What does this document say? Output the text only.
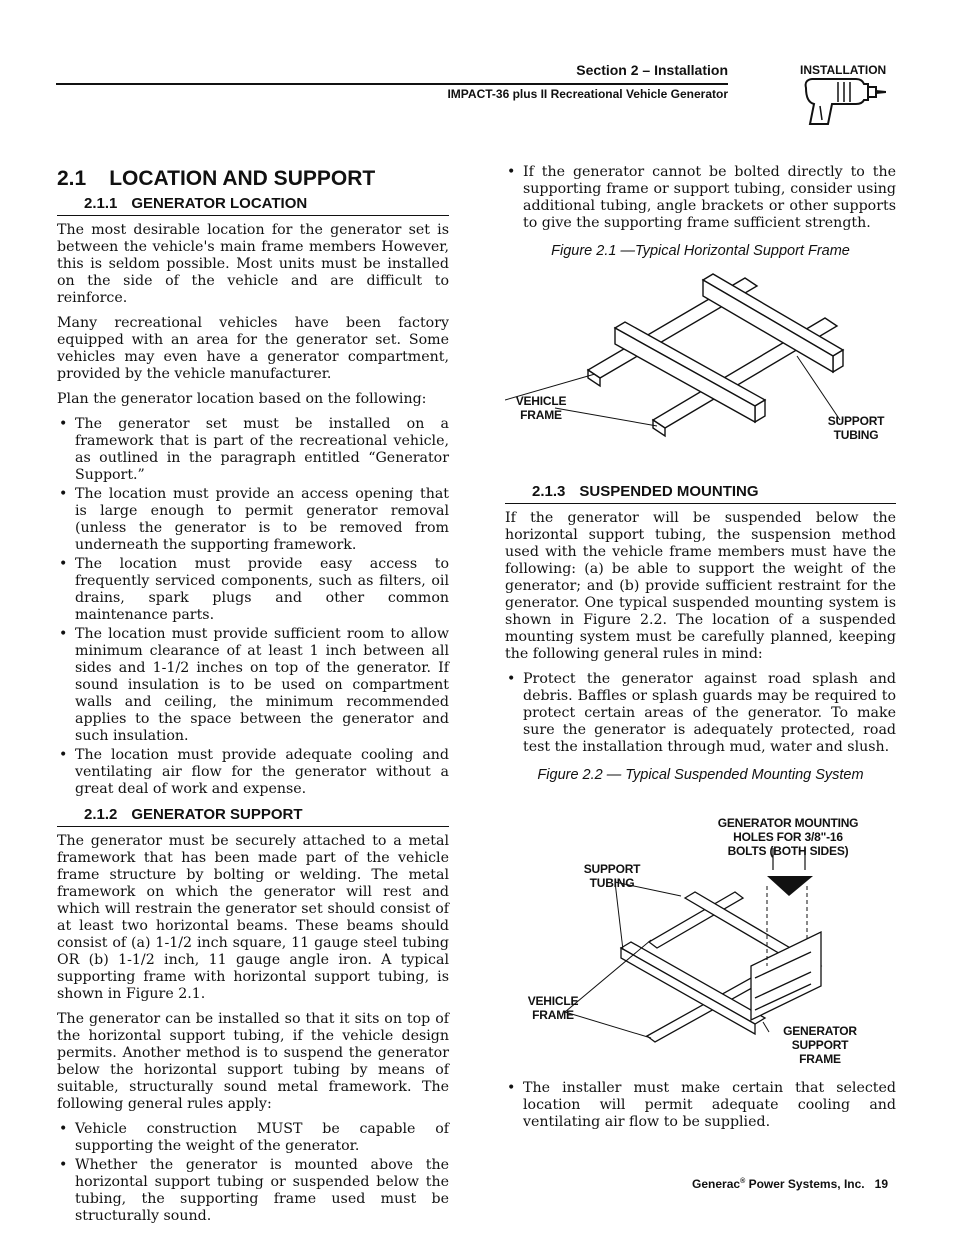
Section 2 – Installation
IMPACT-36 plus II Recreational Vehicle Generator
INSTALLATION
2.1 LOCATION AND SUPPORT
2.1.1 GENERATOR LOCATION

The most desirable location for the generator set is between the vehicle's main frame members However, this is seldom possible. Most units must be installed on the side of the vehicle and are difficult to reinforce.

Many recreational vehicles have been factory equipped with an area for the generator set. Some vehicles may even have a generator compartment, provided by the vehicle manufacturer.

Plan the generator location based on the following:

• The generator set must be installed on a framework that is part of the recreational vehicle, as outlined in the paragraph entitled “Generator Support.”
• The location must provide an access opening that is large enough to permit generator removal (unless the generator is to be removed from underneath the supporting framework.
• The location must provide easy access to frequently serviced components, such as filters, oil drains, spark plugs and other common maintenance parts.
• The location must provide sufficient room to allow minimum clearance of at least 1 inch between all sides and 1-1/2 inches on top of the generator. If sound insulation is to be used on compartment walls and ceiling, the minimum recommended applies to the space between the generator and such insulation.
• The location must provide adequate cooling and ventilating air flow for the generator without a great deal of work and expense.
2.1.2 GENERATOR SUPPORT

The generator must be securely attached to a metal framework that has been made part of the vehicle frame structure by bolting or welding. The metal framework on which the generator will rest and which will restrain the generator set should consist of at least two horizontal beams. These beams should consist of (a) 1-1/2 inch square, 11 gauge steel tubing OR (b) 1-1/2 inch, 11 gauge angle iron. A typical supporting frame with horizontal support tubing, is shown in Figure 2.1.

The generator can be installed so that it sits on top of the horizontal support tubing, if the vehicle design permits. Another method is to suspend the generator below the horizontal support tubing by means of suitable, structurally sound metal framework. The following general rules apply:

• Vehicle construction MUST be capable of supporting the weight of the generator.
• Whether the generator is mounted above the horizontal support tubing or suspended below the tubing, the supporting frame used must be structurally sound.
• If the generator cannot be bolted directly to the supporting frame or support tubing, consider using additional tubing, angle brackets or other supports to give the supporting frame sufficient strength.
Figure 2.1 —Typical Horizontal Support Frame
VEHICLE FRAME	SUPPORT TUBING
2.1.3 SUSPENDED MOUNTING

If the generator will be suspended below the horizontal support tubing, the suspension method used with the vehicle frame members must have the following: (a) be able to support the weight of the generator; and (b) provide sufficient restraint for the generator. One typical suspended mounting system is shown in Figure 2.2. The location of a suspended mounting system must be carefully planned, keeping the following general rules in mind:

• Protect the generator against road splash and debris. Baffles or splash guards may be required to protect certain areas of the generator. To make sure the generator is adequately protected, road test the installation through mud, water and slush.
Figure 2.2 — Typical Suspended Mounting System
GENERATOR MOUNTING HOLES FOR 3/8"-16 BOLTS (BOTH SIDES)
SUPPORT TUBING
VEHICLE FRAME
GENERATOR SUPPORT FRAME
• The installer must make certain that selected location will permit adequate cooling and ventilating air flow to be supplied.
Generac® Power Systems, Inc. 19
